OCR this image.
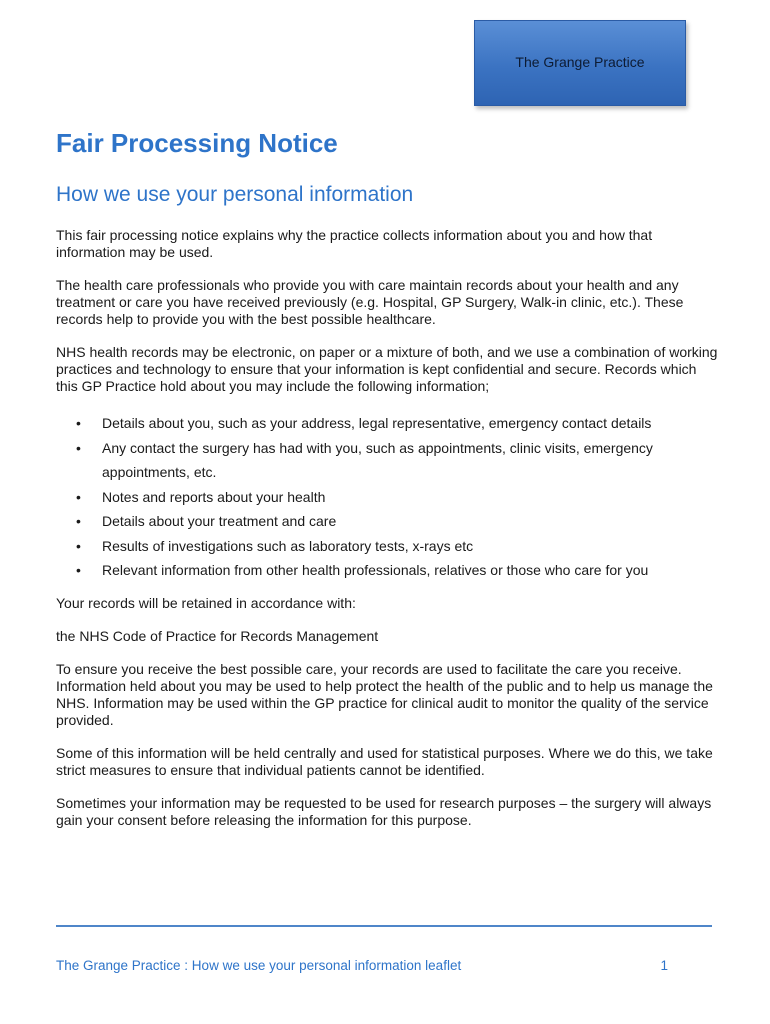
The Grange Practice
Fair Processing Notice
How we use your personal information

This fair processing notice explains why the practice collects information about you and how that information may be used.

The health care professionals who provide you with care maintain records about your health and any treatment or care you have received previously (e.g. Hospital, GP Surgery, Walk-in clinic, etc.). These records help to provide you with the best possible healthcare.

NHS health records may be electronic, on paper or a mixture of both, and we use a combination of working practices and technology to ensure that your information is kept confidential and secure. Records which this GP Practice hold about you may include the following information;

• Details about you, such as your address, legal representative, emergency contact details
• Any contact the surgery has had with you, such as appointments, clinic visits, emergency appointments, etc.
• Notes and reports about your health
• Details about your treatment and care
• Results of investigations such as laboratory tests, x-rays etc
• Relevant information from other health professionals, relatives or those who care for you

Your records will be retained in accordance with:

the NHS Code of Practice for Records Management

To ensure you receive the best possible care, your records are used to facilitate the care you receive. Information held about you may be used to help protect the health of the public and to help us manage the NHS. Information may be used within the GP practice for clinical audit to monitor the quality of the service provided.

Some of this information will be held centrally and used for statistical purposes. Where we do this, we take strict measures to ensure that individual patients cannot be identified.

Sometimes your information may be requested to be used for research purposes – the surgery will always gain your consent before releasing the information for this purpose.

The Grange Practice : How we use your personal information leaflet	1
